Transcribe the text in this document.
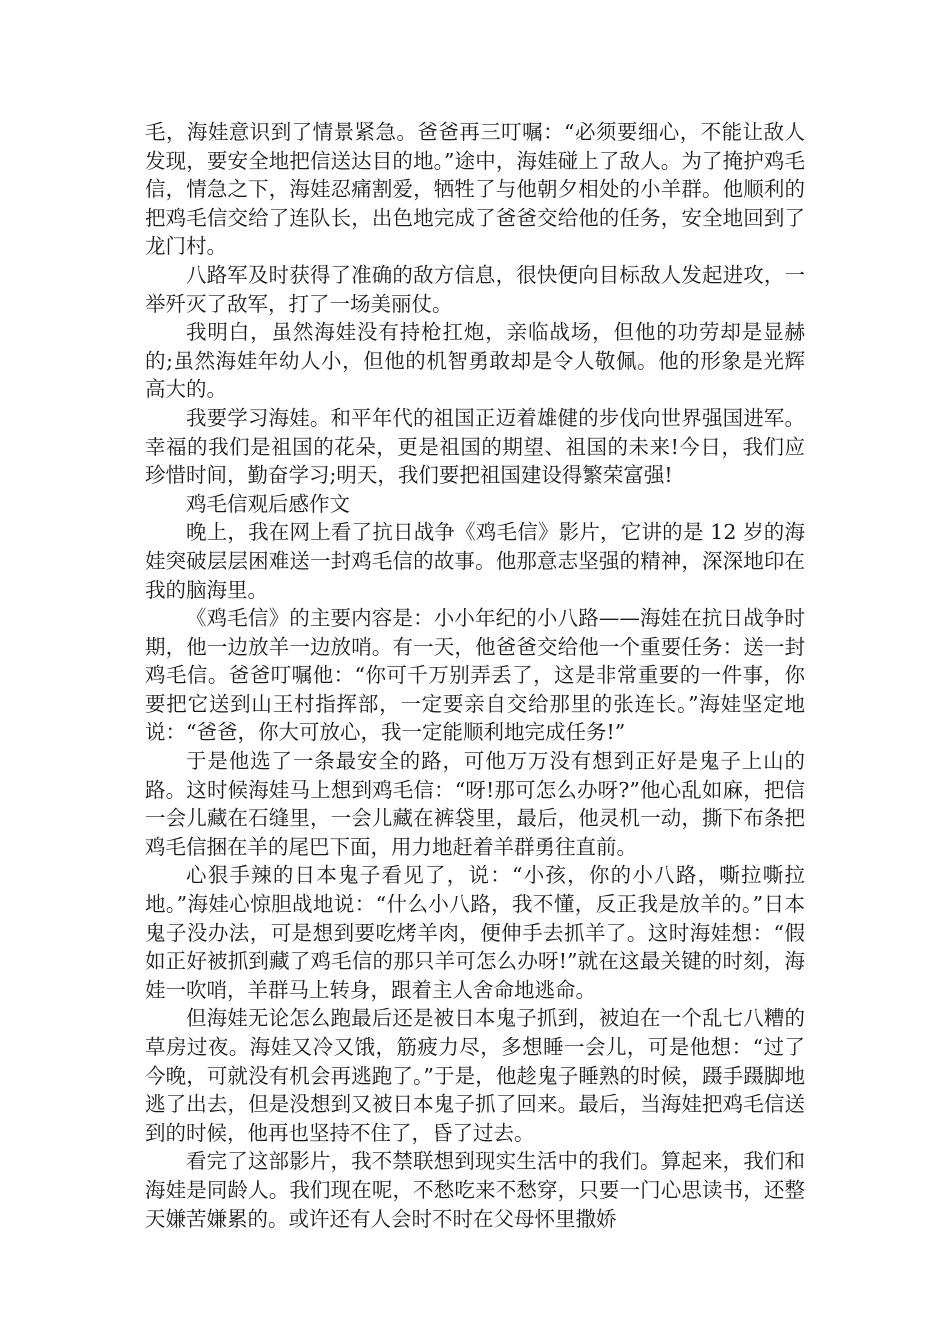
毛，海娃意识到了情景紧急。爸爸再三叮嘱：“必须要细心，不能让敌人发现，要安全地把信送达目的地。”途中，海娃碰上了敌人。为了掩护鸡毛信，情急之下，海娃忍痛割爱，牺牲了与他朝夕相处的小羊群。他顺利的把鸡毛信交给了连队长，出色地完成了爸爸交给他的任务，安全地回到了龙门村。

八路军及时获得了准确的敌方信息，很快便向目标敌人发起进攻，一举歼灭了敌军，打了一场美丽仗。

我明白，虽然海娃没有持枪扛炮，亲临战场，但他的功劳却是显赫的;虽然海娃年幼人小，但他的机智勇敢却是令人敬佩。他的形象是光辉高大的。

我要学习海娃。和平年代的祖国正迈着雄健的步伐向世界强国进军。幸福的我们是祖国的花朵，更是祖国的期望、祖国的未来!今日，我们应珍惜时间，勤奋学习;明天，我们要把祖国建设得繁荣富强!

鸡毛信观后感作文

晚上，我在网上看了抗日战争《鸡毛信》影片，它讲的是 12 岁的海娃突破层层困难送一封鸡毛信的故事。他那意志坚强的精神，深深地印在我的脑海里。

《鸡毛信》的主要内容是：小小年纪的小八路——海娃在抗日战争时期，他一边放羊一边放哨。有一天，他爸爸交给他一个重要任务：送一封鸡毛信。爸爸叮嘱他：“你可千万别弄丢了，这是非常重要的一件事，你要把它送到山王村指挥部，一定要亲自交给那里的张连长。”海娃坚定地说：“爸爸，你大可放心，我一定能顺利地完成任务!”

于是他选了一条最安全的路，可他万万没有想到正好是鬼子上山的路。这时候海娃马上想到鸡毛信：“呀!那可怎么办呀?”他心乱如麻，把信一会儿藏在石缝里，一会儿藏在裤袋里，最后，他灵机一动，撕下布条把鸡毛信捆在羊的尾巴下面，用力地赶着羊群勇往直前。

心狠手辣的日本鬼子看见了，说：“小孩，你的小八路，嘶拉嘶拉地。”海娃心惊胆战地说：“什么小八路，我不懂，反正我是放羊的。”日本鬼子没办法，可是想到要吃烤羊肉，便伸手去抓羊了。这时海娃想：“假如正好被抓到藏了鸡毛信的那只羊可怎么办呀!”就在这最关键的时刻，海娃一吹哨，羊群马上转身，跟着主人舍命地逃命。

但海娃无论怎么跑最后还是被日本鬼子抓到，被迫在一个乱七八糟的草房过夜。海娃又冷又饿，筋疲力尽，多想睡一会儿，可是他想：“过了今晚，可就没有机会再逃跑了。”于是，他趁鬼子睡熟的时候，蹑手蹑脚地逃了出去，但是没想到又被日本鬼子抓了回来。最后，当海娃把鸡毛信送到的时候，他再也坚持不住了，昏了过去。

看完了这部影片，我不禁联想到现实生活中的我们。算起来，我们和海娃是同龄人。我们现在呢，不愁吃来不愁穿，只要一门心思读书，还整天嫌苦嫌累的。或许还有人会时不时在父母怀里撒娇
